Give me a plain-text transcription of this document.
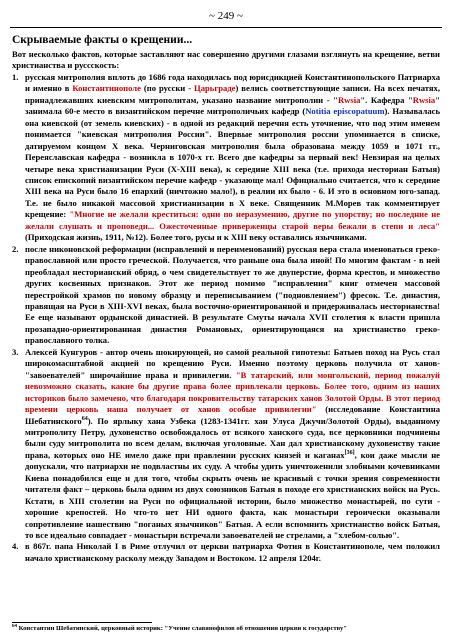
~ 249 ~
Скрываемые факты о крещении...

Вот несколько фактов, которые заставляют нас совершенно другими глазами взглянуть на крещение, ветви христианства и руссскость:

1. русская митрополия вплоть до 1686 года находилась под юрисдикцией Константинопольского Патриарха и именно в Константинополе (по русски - Царьграде) велись соответствующие записи. На всех печатях, принадлежавших киевским митрополитам, указано название митрополии - "Rwsia". Кафедра "Rwsia" занимала 60-е место в византийском перечне митрополичьих кафедр (Notitia episcopatuum). Называлась она киевской (от земель киевских) - в одной из редакций перечня есть уточнение, что под этим именем понимается "киевская митрополия России". Впервые митрополия россии упоминается в списке, датируемом концом X века. Черниговская митрополия была образована между 1059 и 1071 гг., Переяславская кафедра - возникла в 1070-х гг. Всего две кафедры за первый век! Невзирая на целых четыре века христианизации Руси (X-XIII века), к середине XIII века (т.е. прихода несториан Батыя) список епископий византийском перечне кафедр - указающе мал! Официально считается, что к середине XIII века на Руси было 16 епархий (ничтожно мало!), в реалии их было - 6. И это в основном юго-запад. Т.е. не было никакой массовой христианизации в X веке. Священник М.Морев так комментирует крещение: "Многие не желали креститься: одни по неразумению, другие по упорству; но последние не желали слушать и проповеди... Ожесточенные приверженцы старой веры бежали в степи и леса" (Приходская жизнь, 1911, №12). Более того, русы и к XIII веку оставались язычниками.
2. после никоновской реформации (исправлений и переименований) русская вера стала именоваться греко-православной или просто греческой. Получается, что раньше она была иной! По многим фактам - в ней преобладал несторианский обряд, о чем свидетельствует то же двуперстие, форма крестов, и множество других косвенных признаков. Этот же период помимо "исправления" книг отмечен массовой перестройкой храмов по новому образцу и переписыванием ("подновлением") фресок. Т.е. династия, правящая на Руси в XIII-XVI веках, была восточно-ориентированной и придерживалась несторианства! Ее еще называют ордынской династией. В результате Смуты начала XVII столетия к власти пришла прозападно-ориентированная династия Романовых, ориентирующаяся на христианство греко-православного толка.
3. Алексей Кунгуров - автор очень шокирующей, но самой реальной гипотезы: Батыев поход на Русь стал широкомасштабной акцией по крещению Руси. Именно поэтому церковь получила от ханов- "завоевателей" широчайшие права и привилегии. "В татарский, или монгольский, период пожалуй невозможно сказать, какие бы другие права более привлекали церковь. Более того, одним из наших историков было замечено, что благодаря покровительству татарских ханов Золотой Орды. В этот период времени церковь наша получает от ханов особые привилегии" (исследование Константина Шебатинского$^{64}$). По ярлыку хана Узбека (1283-1341гг. хан Улуса Джучи/Золотой Орды), выданному митрополиту Петру, духовенство освобождалось от всякого ханского суда, все церковники подчинены были суду митрополита по всем делам, включая уголовные. Хан дал христианскому духовенству такие права, которых оно НЕ имело даже при правлении русских князей и каганах[36], кои даже мысли не допускали, что патриархи не подвластны их суду. А чтобы удить уничтоженили злобными кочевниками Киева понадобился еще и для того, чтобы скрыть очень не красивый с точки зрения современности читателя факт – церковь была одним из двух союзников Батыя в походе его христианских войск на Русь. Кстати, в XIII столетии на Руси по официальной истории, было множество монастырей, по сути - хорошие крепостей. Но что-то нет НИ одного факта, как монастыри героически оказывали сопротивление нашествию "поганых язычников" Батыя. А если вспомнить христианство войск Батыя, то все идеально совпадает - монастыри встречали завоевателей не стрелами, а "хлебом-солью".
4. в 867г. папа Николай I в Риме отлучил от церкви патриарха Фотия в Константинополе, чем положил начало христианскому расколу между Западом и Востоком. 12 апреля 1204г.
$^{64}$ Константин Шебатинский, церковный историк: "Учение славянофилов об отношении церкви к государству"
